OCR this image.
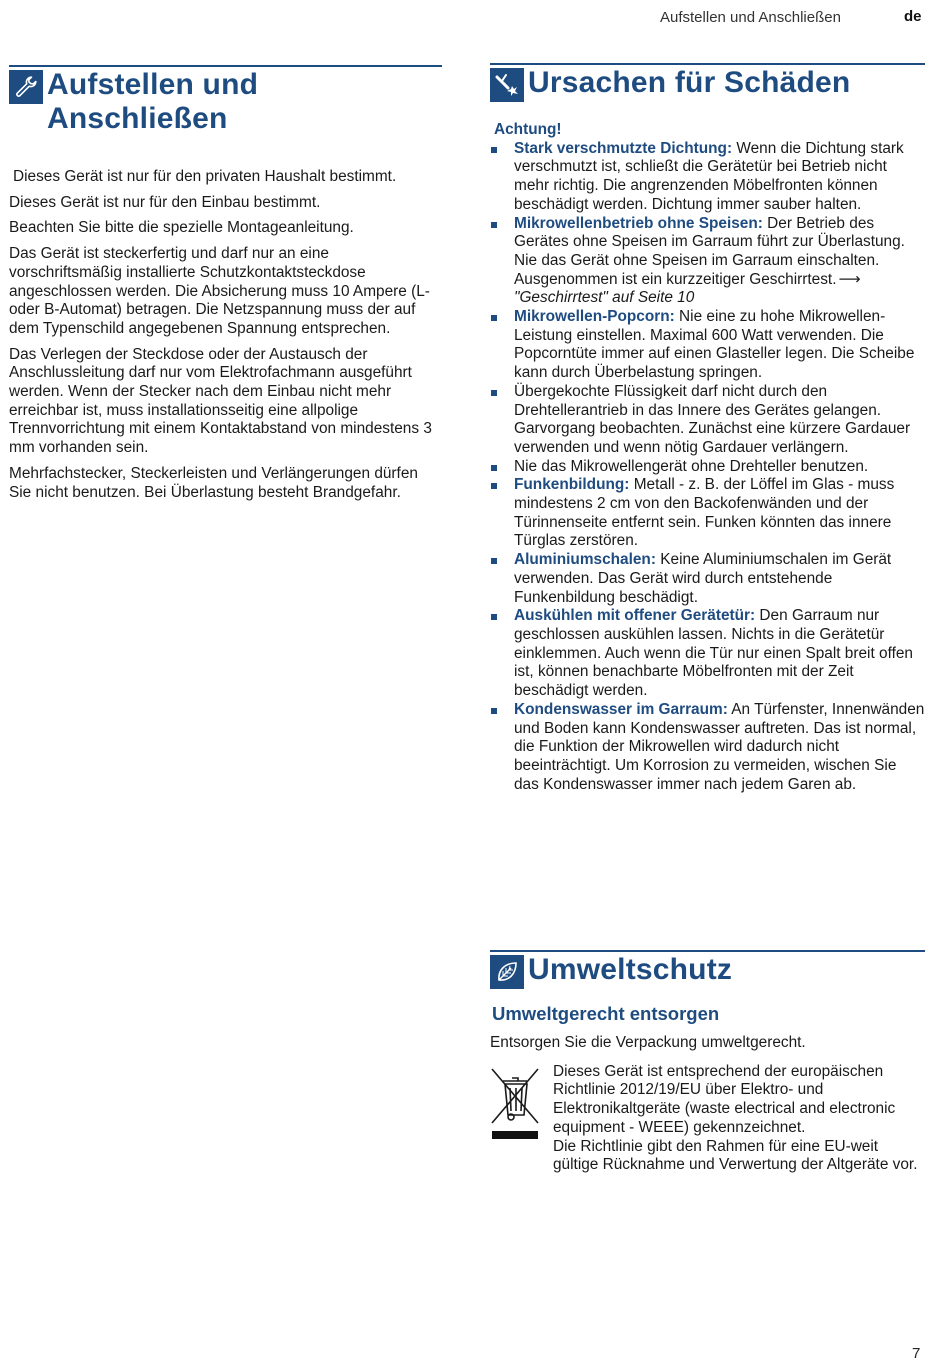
Aufstellen und Anschließen	de
Aufstellen und Anschließen

Dieses Gerät ist nur für den privaten Haushalt bestimmt.

Dieses Gerät ist nur für den Einbau bestimmt.

Beachten Sie bitte die spezielle Montageanleitung.

Das Gerät ist steckerfertig und darf nur an eine vorschriftsmäßig installierte Schutzkontaktsteckdose angeschlossen werden. Die Absicherung muss 10 Ampere (L- oder B-Automat) betragen. Die Netzspannung muss der auf dem Typenschild angegebenen Spannung entsprechen.

Das Verlegen der Steckdose oder der Austausch der Anschlussleitung darf nur vom Elektrofachmann ausgeführt werden. Wenn der Stecker nach dem Einbau nicht mehr erreichbar ist, muss installationsseitig eine allpolige Trennvorrichtung mit einem Kontaktabstand von mindestens 3 mm vorhanden sein.

Mehrfachstecker, Steckerleisten und Verlängerungen dürfen Sie nicht benutzen. Bei Überlastung besteht Brandgefahr.

Ursachen für Schäden
Achtung!
Stark verschmutzte Dichtung: Wenn die Dichtung stark verschmutzt ist, schließt die Gerätetür bei Betrieb nicht mehr richtig. Die angrenzenden Möbelfronten können beschädigt werden. Dichtung immer sauber halten.
Mikrowellenbetrieb ohne Speisen: Der Betrieb des Gerätes ohne Speisen im Garraum führt zur Überlastung. Nie das Gerät ohne Speisen im Garraum einschalten. Ausgenommen ist ein kurzzeitiger Geschirrtest. ⟶"Geschirrtest" auf Seite 10
Mikrowellen-Popcorn: Nie eine zu hohe Mikrowellen-Leistung einstellen. Maximal 600 Watt verwenden. Die Popcorntüte immer auf einen Glasteller legen. Die Scheibe kann durch Überbelastung springen.
Übergekochte Flüssigkeit darf nicht durch den Drehtellerantrieb in das Innere des Gerätes gelangen. Garvorgang beobachten. Zunächst eine kürzere Gardauer verwenden und wenn nötig Gardauer verlängern.
Nie das Mikrowellengerät ohne Drehteller benutzen.
Funkenbildung: Metall - z. B. der Löffel im Glas - muss mindestens 2 cm von den Backofenwänden und der Türinnenseite entfernt sein. Funken könnten das innere Türglas zerstören.
Aluminiumschalen: Keine Aluminiumschalen im Gerät verwenden. Das Gerät wird durch entstehende Funkenbildung beschädigt.
Auskühlen mit offener Gerätetür: Den Garraum nur geschlossen auskühlen lassen. Nichts in die Gerätetür einklemmen. Auch wenn die Tür nur einen Spalt breit offen ist, können benachbarte Möbelfronten mit der Zeit beschädigt werden.
Kondenswasser im Garraum: An Türfenster, Innenwänden und Boden kann Kondenswasser auftreten. Das ist normal, die Funktion der Mikrowellen wird dadurch nicht beeinträchtigt. Um Korrosion zu vermeiden, wischen Sie das Kondenswasser immer nach jedem Garen ab.
Umweltschutz
Umweltgerecht entsorgen

Entsorgen Sie die Verpackung umweltgerecht.

Dieses Gerät ist entsprechend der europäischen Richtlinie 2012/19/EU über Elektro- und Elektronikaltgeräte (waste electrical and electronic equipment - WEEE) gekennzeichnet.

Die Richtlinie gibt den Rahmen für eine EU-weit gültige Rücknahme und Verwertung der Altgeräte vor.

7
